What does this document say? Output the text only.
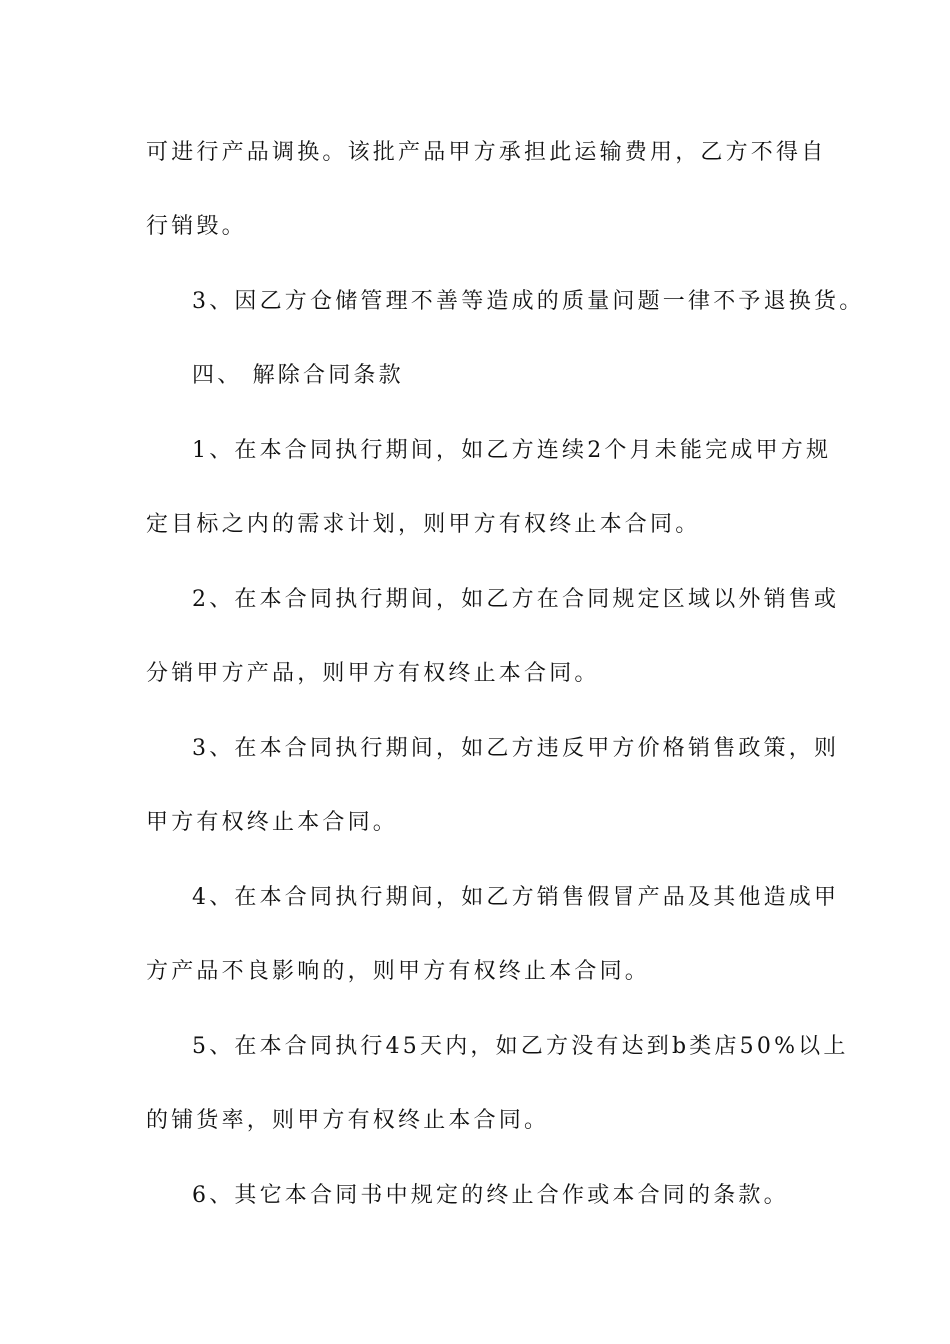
可进行产品调换。该批产品甲方承担此运输费用，乙方不得自
行销毁。
3、因乙方仓储管理不善等造成的质量问题一律不予退换货。
四、 解除合同条款
1、在本合同执行期间，如乙方连续2个月未能完成甲方规
定目标之内的需求计划，则甲方有权终止本合同。
2、在本合同执行期间，如乙方在合同规定区域以外销售或
分销甲方产品，则甲方有权终止本合同。
3、在本合同执行期间，如乙方违反甲方价格销售政策，则
甲方有权终止本合同。
4、在本合同执行期间，如乙方销售假冒产品及其他造成甲
方产品不良影响的，则甲方有权终止本合同。
5、在本合同执行45天内，如乙方没有达到b类店50%以上
的铺货率，则甲方有权终止本合同。
6、其它本合同书中规定的终止合作或本合同的条款。
